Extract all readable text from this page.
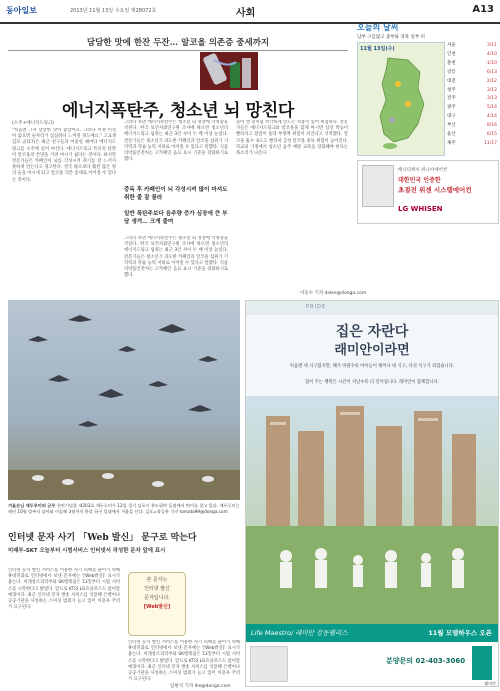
동아일보	2013년 11월 13일 수요일 제28072호	사회	A13
담담한 맛에 한잔 두잔… 알코올 의존증 중세까지
에너지폭탄주, 청소년 뇌 망친다
(소주+에너지드링크)
"처음엔 그저 달달한 맛이 좋았어요. 그러다 이젠 이것이 없으면 술자리가 심심하다 느껴질 정도예요." 고교생 김모 군(17)은 최근 친구들과 어울릴 때마다 에너지드링크를 소주에 섞어 마신다. 에너지드링크 특유의 단맛이 알코올의 쓴맛을 가려 마시기 쉽다는 것이다. 하지만 전문가들은 카페인이 뇌를 각성시켜 취기를 잘 느끼지 못하게 만든다고 경고한다. 결국 평소보다 훨씬 많은 양의 술을 마시게 되고 알코올 의존 증세로 이어질 수 있다는 것이다.
그러다 보면 에너지폭탄주는 청소년 뇌 성장에 악영향을 끼친다. 한국 보건사회연구원 조사에 따르면 청소년의 에너지드링크 섭취는 최근 3년 사이 두 배 이상 늘었다. 전문가들은 청소년기 과도한 카페인과 알코올 섭취가 기억력과 학습 능력 저하로 이어질 수 있다고 말했다. 식품의약품안전처는 고카페인 음료 표시 기준을 강화하기로 했다.
중독 후 카페인이 뇌 각성시켜 많이 마셔도 취한 줄 잘 몰라
일반 폭탄주보다 음주량 증가 심장에 큰 부담 생겨… 크게 줄여
그러다 보면 에너지폭탄주는 청소년 뇌 성장에 악영향을 끼친다. 한국 보건사회연구원 조사에 따르면 청소년의 에너지드링크 섭취는 최근 3년 사이 두 배 이상 늘었다. 전문가들은 청소년기 과도한 카페인과 알코올 섭취가 기억력과 학습 능력 저하로 이어질 수 있다고 말했다. 식품의약품안전처는 고카페인 음료 표시 기준을 강화하기로 했다.
술이 깬 것처럼 착각하게 만드는 작용이 있어 위험하다. 전문가들은 에너지드링크와 알코올을 함께 마시면 심장 박동이 빨라지고 혈압이 올라 부정맥 위험이 커진다고 지적했다. 알코올 흡수 속도도 빨라져 급성 알코올 중독 위험이 높아진다. 학교와 가정에서 청소년 음주 예방 교육을 강화해야 한다는 목소리가 나온다.
이동수 기자 dslee@donga.com
오늘의 날씨
남부 구름많고 중부와 경북 일부 비
11월 13일(수)
서울	3/11
인천	4/10
춘천	-1/10
강릉	6/13
대전	2/12
청주	3/12
전주	3/13
광주	5/14
대구	4/14
부산	8/16
울산	6/15
제주	11/17
배니티케이 위니아에어컨
대한민국 인증한
초절전 위센 시스템에어컨
LG WHISEN
겨울손님 재두루미의 군무 천연기념물 제203호 재두루미가 12일 경기 김포시 홍도평야 들녘에서 먹이를 찾고 있다. 재두루미는 매년 10월 말부터 날아와 이듬해 3월까지 한강 하구 일대에서 겨울을 난다. 김포=장승윤 기자 tomato99@donga.com
인터넷 문자 사기 「Web 발신」 문구로 막는다
미래부-SKT 오늘부터 시범서비스 인터넷서 작성한 문자 앞에 표시
인터넷 문자 발신 서비스를 이용한 사기 피해를 줄이기 위해 휴대전화로 인터넷에서 보낸 문자에는 '[Web발신]' 표시가 붙는다. 미래창조과학부와 SK텔레콤은 13일부터 시범 서비스를 시작한다고 밝혔다. 앞으로 KT와 LG유플러스도 참여할 예정이다. 최근 인터넷 문자 발송 서비스를 악용해 은행이나 공공기관을 사칭하는 스미싱 범죄가 늘고 있어 이용자 주의가 요구된다.
본 문자는
인터넷 발신
문자입니다.
[Web발신]
인터넷 문자 발신 서비스를 이용한 사기 피해를 줄이기 위해 휴대전화로 인터넷에서 보낸 문자에는 '[Web발신]' 표시가 붙는다. 미래창조과학부와 SK텔레콤은 13일부터 시범 서비스를 시작한다고 밝혔다. 앞으로 KT와 LG유플러스도 참여할 예정이다. 최근 인터넷 문자 발송 서비스를 악용해 은행이나 공공기관을 사칭하는 스미싱 범죄가 늘고 있어 이용자 주의가 요구된다.
임현석 기자 lhs@donga.com
PRIDE
집은 자란다
래미안이라면
처음엔 세 식구였지만, 해가 바뀔수록 아이들이 태어나 네 식구, 다섯 식구가 되었습니다.
집이 주는 행복은 시간이 지날수록 더 깊어집니다. 래미안이 함께합니다.
Life Maestro/ 래미안 강동팰리스	11월 모델하우스 오픈
분양문의 02-403-3060
래미안
